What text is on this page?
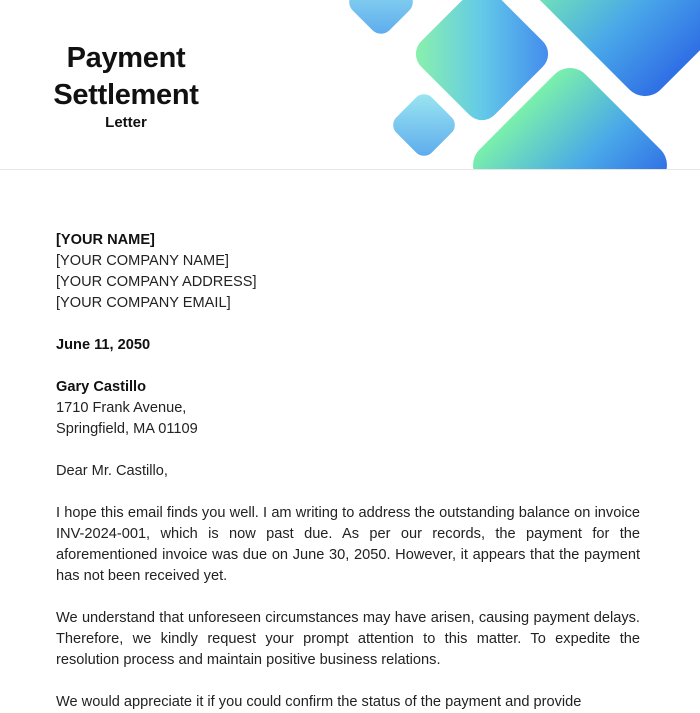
Payment
Settlement
Letter

[YOUR NAME]

[YOUR COMPANY NAME]

[YOUR COMPANY ADDRESS]

[YOUR COMPANY EMAIL]

June 11, 2050

Gary Castillo

1710 Frank Avenue,

Springfield, MA 01109

Dear Mr. Castillo,

I hope this email finds you well. I am writing to address the outstanding balance on invoice INV-2024-001, which is now past due. As per our records, the payment for the aforementioned invoice was due on June 30, 2050. However, it appears that the payment has not been received yet.

We understand that unforeseen circumstances may have arisen, causing payment delays. Therefore, we kindly request your prompt attention to this matter. To expedite the resolution process and maintain positive business relations.

We would appreciate it if you could confirm the status of the payment and provide
